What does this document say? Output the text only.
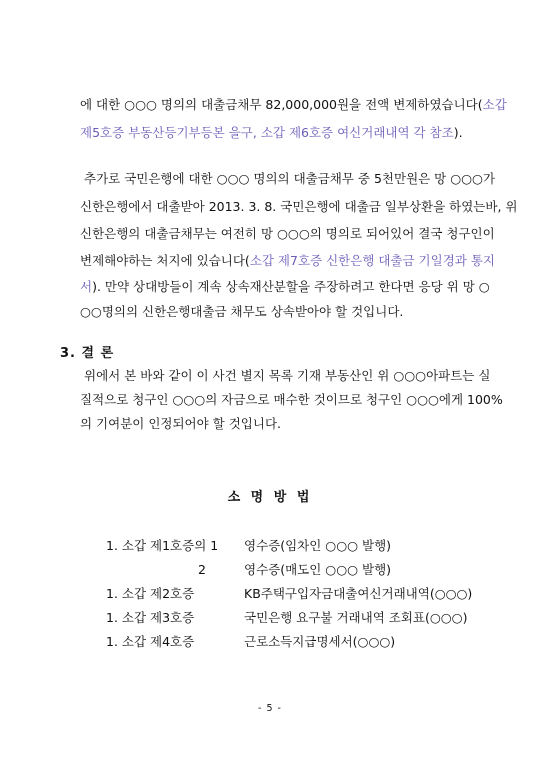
에 대한 ○○○ 명의의 대출금채무 82,000,000원을 전액 변제하였습니다(소갑
제5호증 부동산등기부등본 을구, 소갑 제6호증 여신거래내역 각 참조).
추가로 국민은행에 대한 ○○○ 명의의 대출금채무 중 5천만원은 망 ○○○가
신한은행에서 대출받아 2013. 3. 8. 국민은행에 대출금 일부상환을 하였는바, 위
신한은행의 대출금채무는 여전히 망 ○○○의 명의로 되어있어 결국 청구인이
변제해야하는 처지에 있습니다(소갑 제7호증 신한은행 대출금 기일경과 통지
서). 만약 상대방들이 계속 상속재산분할을 주장하려고 한다면 응당 위 망 ○
○○명의의 신한은행대출금 채무도 상속받아야 할 것입니다.
3. 결 론
위에서 본 바와 같이 이 사건 별지 목록 기재 부동산인 위 ○○○아파트는 실
질적으로 청구인 ○○○의 자금으로 매수한 것이므로 청구인 ○○○에게 100%
의 기여분이 인정되어야 할 것입니다.
소 명 방 법
1. 소갑 제1호증의 1 영수증(임차인 ○○○ 발행)
2	영수증(매도인 ○○○ 발행)
1. 소갑 제2호증	KB주택구입자금대출여신거래내역(○○○)
1. 소갑 제3호증	국민은행 요구불 거래내역 조회표(○○○)
1. 소갑 제4호증	근로소득지급명세서(○○○)
- 5 -
